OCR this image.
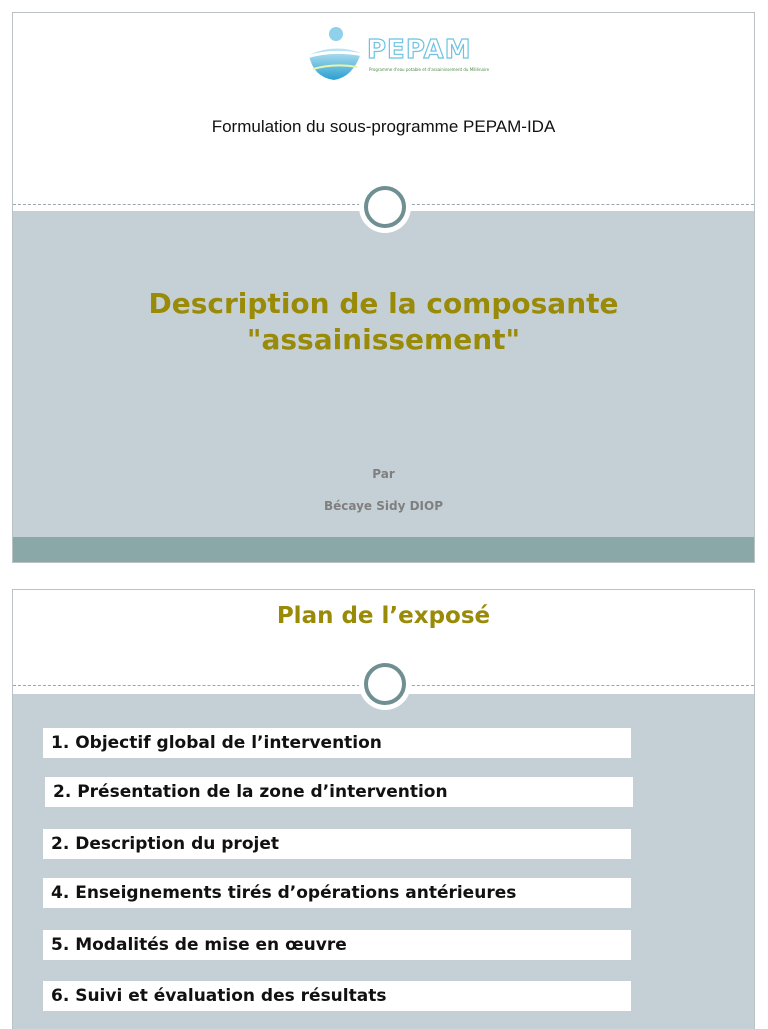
PEPAM
Programme d'eau potable et d'assainissement du Millénaire
Formulation du sous-programme PEPAM-IDA
Description de la composante
"assainissement"
Par
Bécaye Sidy DIOP
Plan de l’exposé
1. Objectif global de l’intervention
2. Présentation de la zone d’intervention
2. Description du projet
4. Enseignements tirés d’opérations antérieures
5. Modalités de mise en œuvre
6. Suivi et évaluation des résultats
